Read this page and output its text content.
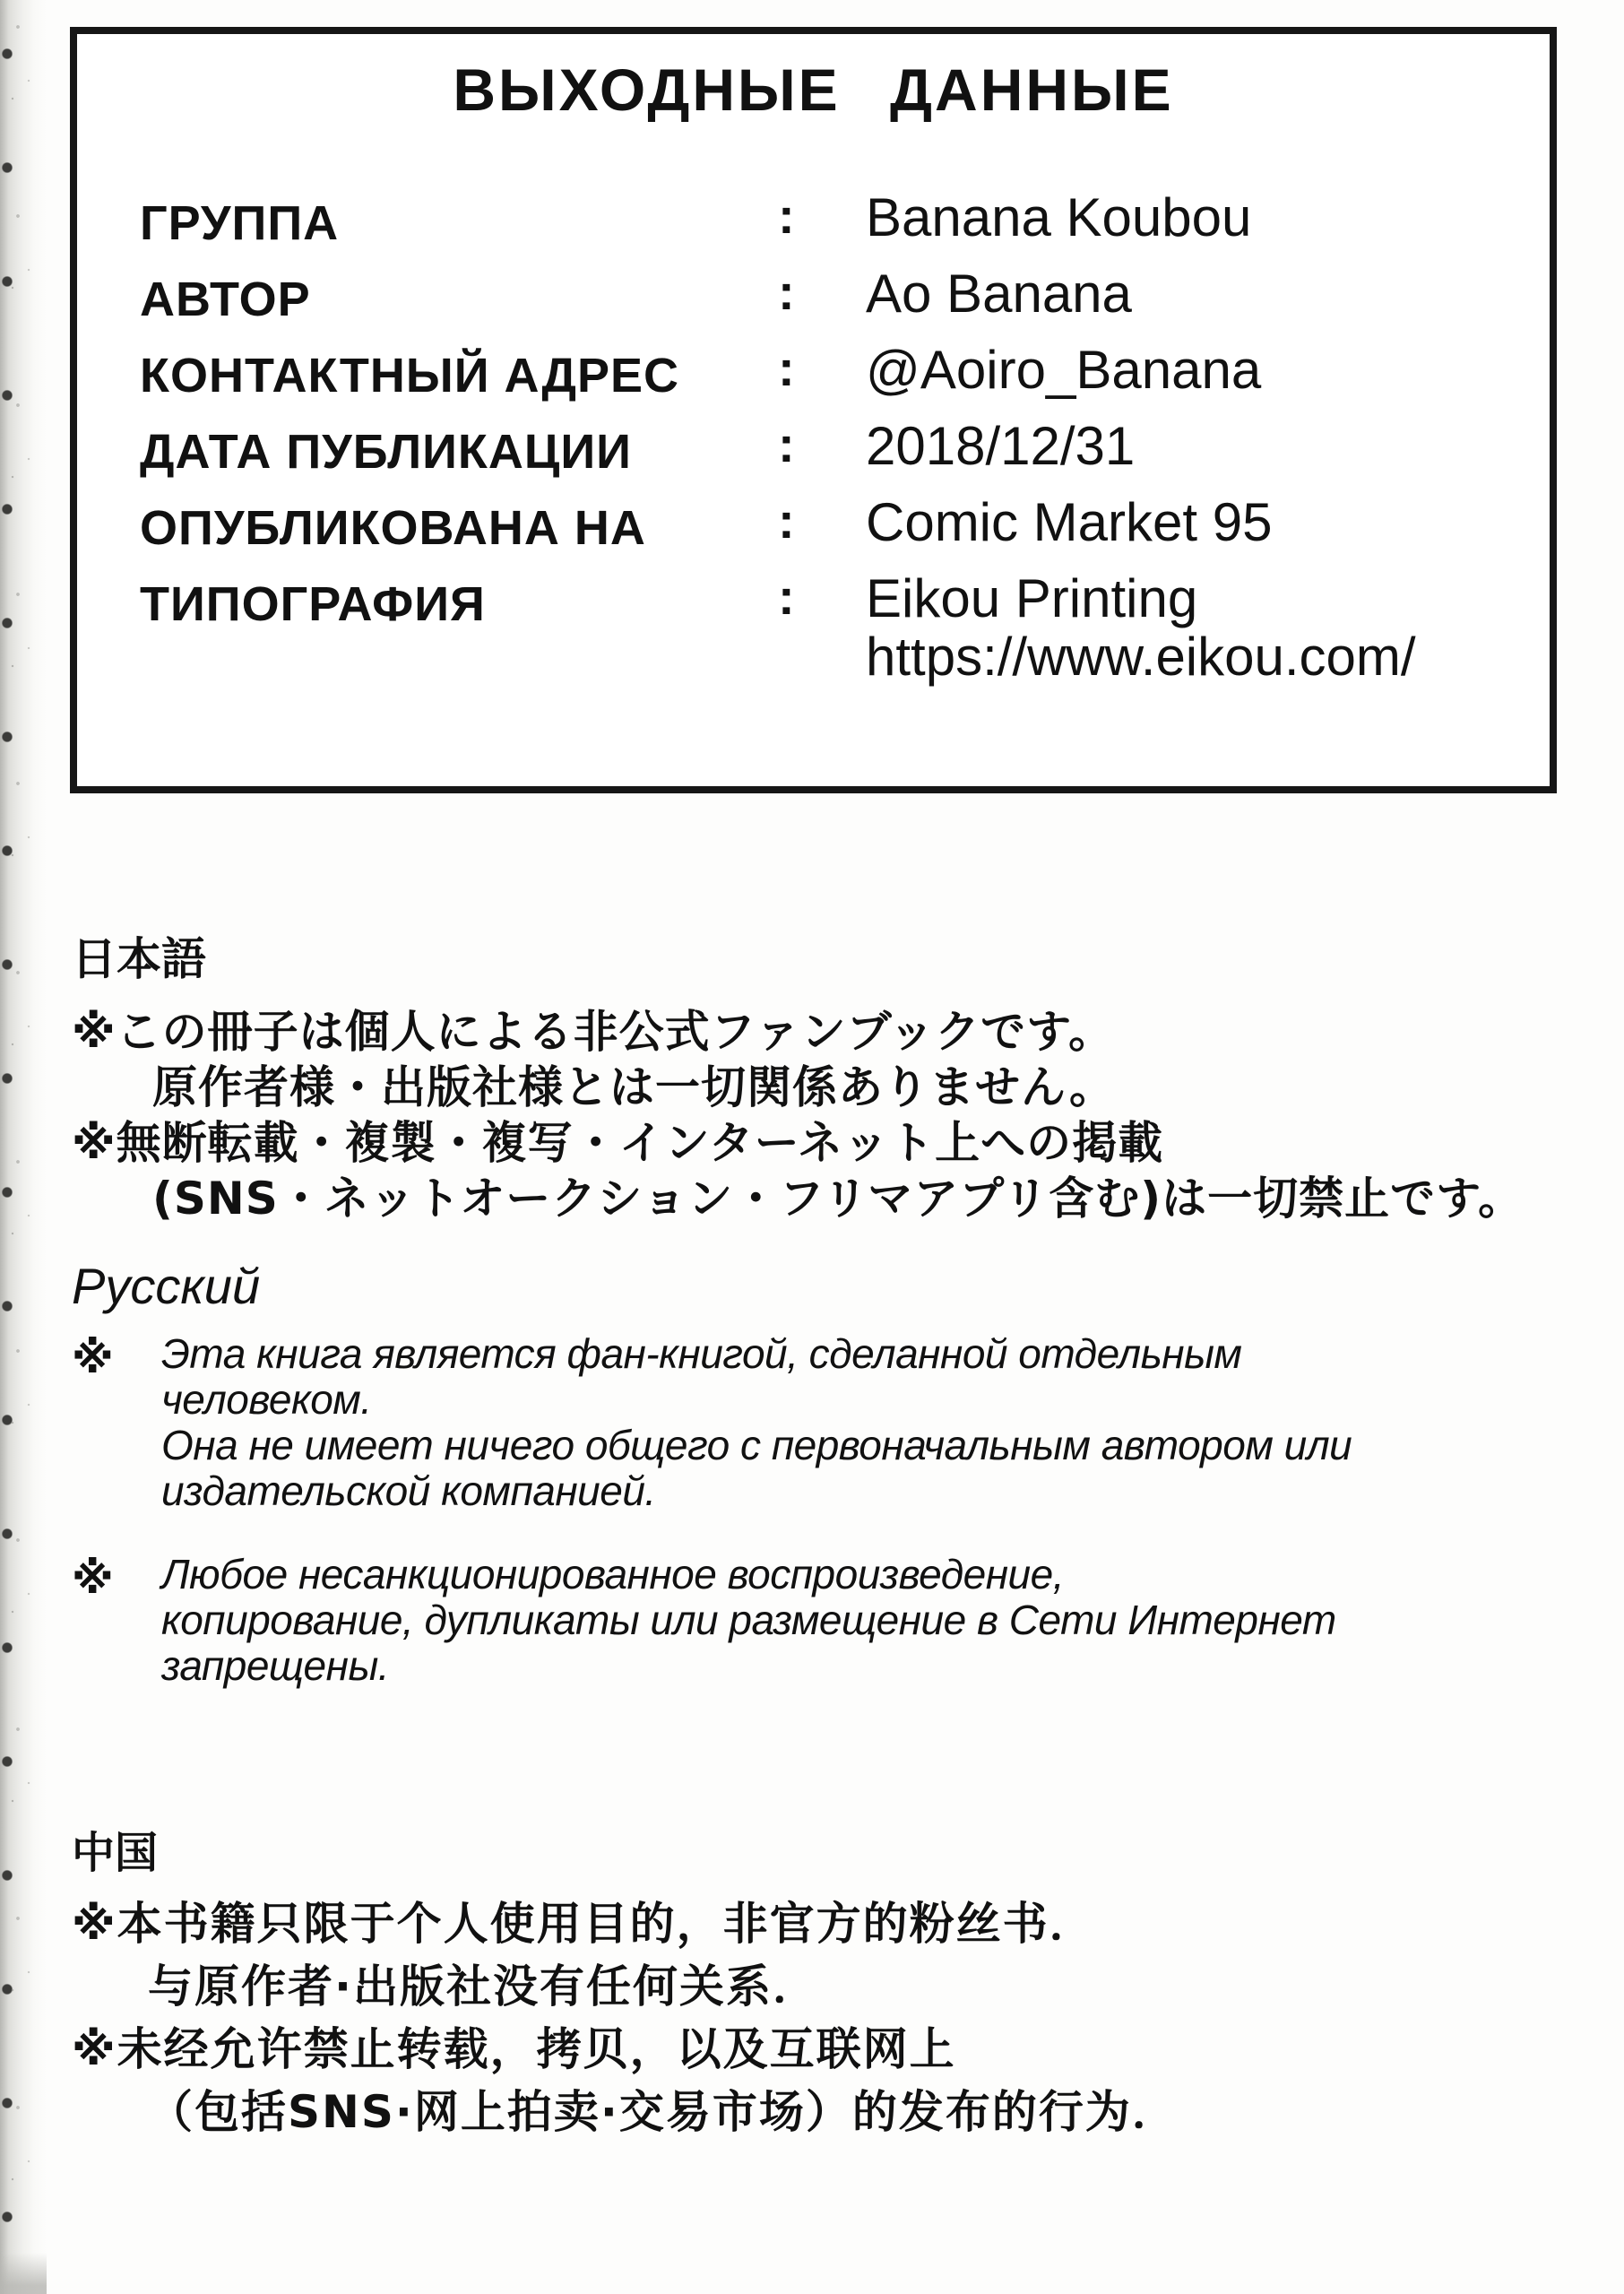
ВЫХОДНЫЕ ДАННЫЕ
ГРУППА	:	Banana Koubou
АВТОР	:	Ao Banana
КОНТАКТНЫЙ АДРЕС	:	@Aoiro_Banana
ДАТА ПУБЛИКАЦИИ	:	2018/12/31
ОПУБЛИКОВАНА НА	:	Comic Market 95
ТИПОГРАФИЯ	:	Eikou Printing
https://www.eikou.com/
日本語
※この冊子は個人による非公式ファンブックです。
原作者様・出版社様とは一切関係ありません。
※無断転載・複製・複写・インターネット上への掲載
(SNS・ネットオークション・フリマアプリ含む)は一切禁止です。
Русский
※	Эта книга является фан-книгой, сделанной отдельным
человеком.
Она не имеет ничего общего с первоначальным автором или
издательской компанией.
※	Любое несанкционированное воспроизведение,
копирование, дупликаты или размещение в Сети Интернет
запрещены.
中国
※本书籍只限于个人使用目的，非官方的粉丝书．
与原作者·出版社没有任何关系．
※未经允许禁止转载，拷贝，以及互联网上
（包括SNS·网上拍卖·交易市场）的发布的行为．
